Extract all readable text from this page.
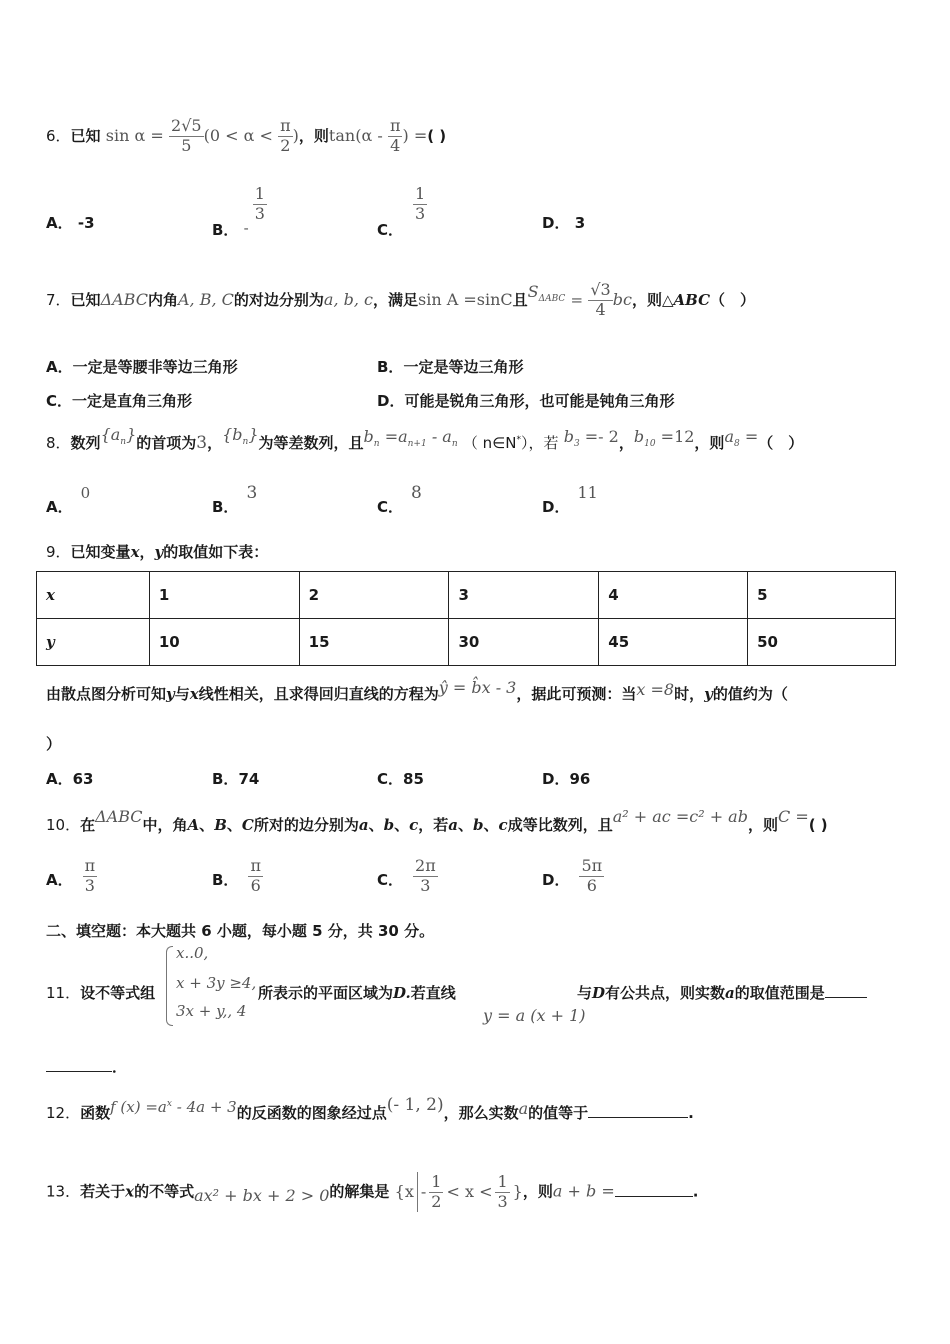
6．已知 $\sin \alpha = \frac{2√5}{5} (0 < \alpha < \frac{\pi}{2}$ )，则$\tan(\alpha - \frac{\pi}{4}$ ) =( )
A． -3	B． -
$\frac{1}{3}$
C．
$\frac{1}{3}$
D． 3
7．已知ΔABC内角A, B, C的对边分别为a, b, c，满足sin A =sinC且$S_{\Delta ABC} = \frac{√3}{4}$ bc，则△ABC（　）
A．一定是等腰非等边三角形	B．一定是等边三角形
C．一定是直角三角形	D．可能是锐角三角形，也可能是钝角三角形
8．数列$\{a_n\}$的首项为3，$\{b_n\}$为等差数列，且$b_n =a_{n+1} - a_n$ （ n∈N*），若 $b_3 =- 2$，$b_{10} =12$，则$a_8$ =（　）
A．0
B．3
C．8
D．11
9．已知变量x，y的取值如下表：
x	1	2	3	4	5
y	10	15	30	45	50
由散点图分析可知y与x线性相关，且求得回归直线的方程为ŷ = b̂x - 3，据此可预测：当x =8时，y的值约为（
）
A．63	B．74	C．85	D．96
10．在ΔABC中，角A、B、C所对的边分别为a、b、c，若a、b、c成等比数列，且a² + ac =c² + ab，则C =( )
A． $\frac{\pi}{3}$	B． $\frac{\pi}{6}$	C． $\frac{2\pi}{3}$	D． $\frac{5\pi}{6}$
二、填空题：本大题共 6 小题，每小题 5 分，共 30 分。
11．设不等式组
x..0,
x + 3y ≥4,
3x + y,, 4
所表示的平面区域为D.若直线
y = a (x + 1)
与D有公共点，则实数a的取值范围是
．
12．函数f $(x) =a^x - 4a + 3$的反函数的图象经过点(- 1, 2)，那么实数a的值等于	.
13．若关于x的不等式ax² + bx + 2 > 0的解集是 {$x - \frac{1}{2} < x < \frac{1}{3}$ }，则a + b =	.
